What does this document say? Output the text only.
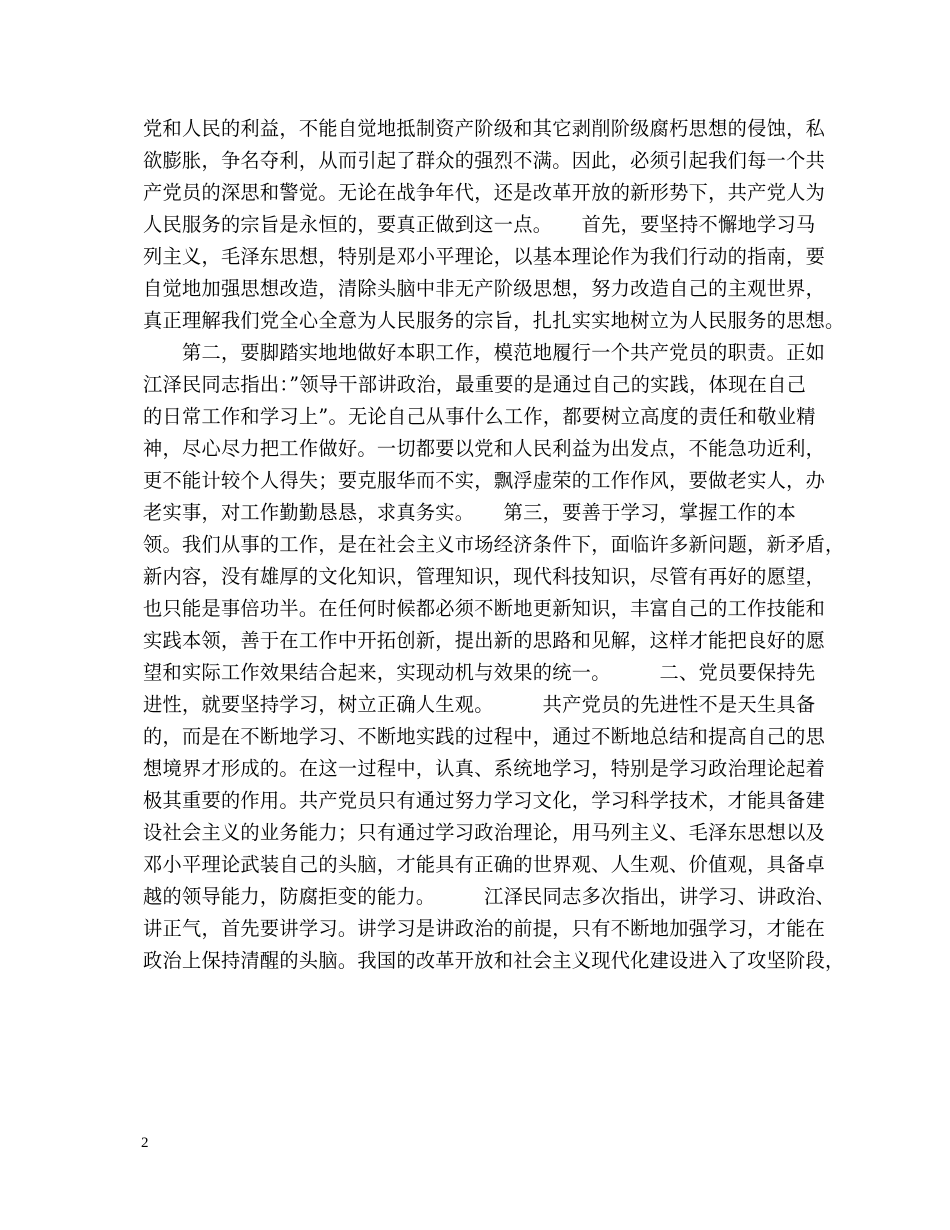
党和人民的利益，不能自觉地抵制资产阶级和其它剥削阶级腐朽思想的侵蚀，私
欲膨胀，争名夺利，从而引起了群众的强烈不满。因此，必须引起我们每一个共
产党员的深思和警觉。无论在战争年代，还是改革开放的新形势下，共产党人为
人民服务的宗旨是永恒的，要真正做到这一点。　　首先，要坚持不懈地学习马
列主义，毛泽东思想，特别是邓小平理论，以基本理论作为我们行动的指南，要
自觉地加强思想改造，清除头脑中非无产阶级思想，努力改造自己的主观世界，
真正理解我们党全心全意为人民服务的宗旨，扎扎实实地树立为人民服务的思想。
　　第二，要脚踏实地地做好本职工作，模范地履行一个共产党员的职责。正如
江泽民同志指出：”领导干部讲政治，最重要的是通过自己的实践，体现在自己
的日常工作和学习上”。无论自己从事什么工作，都要树立高度的责任和敬业精
神，尽心尽力把工作做好。一切都要以党和人民利益为出发点，不能急功近利，
更不能计较个人得失；要克服华而不实，飘浮虚荣的工作作风，要做老实人，办
老实事，对工作勤勤恳恳，求真务实。　　第三，要善于学习，掌握工作的本
领。我们从事的工作，是在社会主义市场经济条件下，面临许多新问题，新矛盾，
新内容，没有雄厚的文化知识，管理知识，现代科技知识，尽管有再好的愿望，
也只能是事倍功半。在任何时候都必须不断地更新知识，丰富自己的工作技能和
实践本领，善于在工作中开拓创新，提出新的思路和见解，这样才能把良好的愿
望和实际工作效果结合起来，实现动机与效果的统一。　　　二、党员要保持先
进性，就要坚持学习，树立正确人生观。　　　共产党员的先进性不是天生具备
的，而是在不断地学习、不断地实践的过程中，通过不断地总结和提高自己的思
想境界才形成的。在这一过程中，认真、系统地学习，特别是学习政治理论起着
极其重要的作用。共产党员只有通过努力学习文化，学习科学技术，才能具备建
设社会主义的业务能力；只有通过学习政治理论，用马列主义、毛泽东思想以及
邓小平理论武装自己的头脑，才能具有正确的世界观、人生观、价值观，具备卓
越的领导能力，防腐拒变的能力。　　　江泽民同志多次指出，讲学习、讲政治、
讲正气，首先要讲学习。讲学习是讲政治的前提，只有不断地加强学习，才能在
政治上保持清醒的头脑。我国的改革开放和社会主义现代化建设进入了攻坚阶段，
2
